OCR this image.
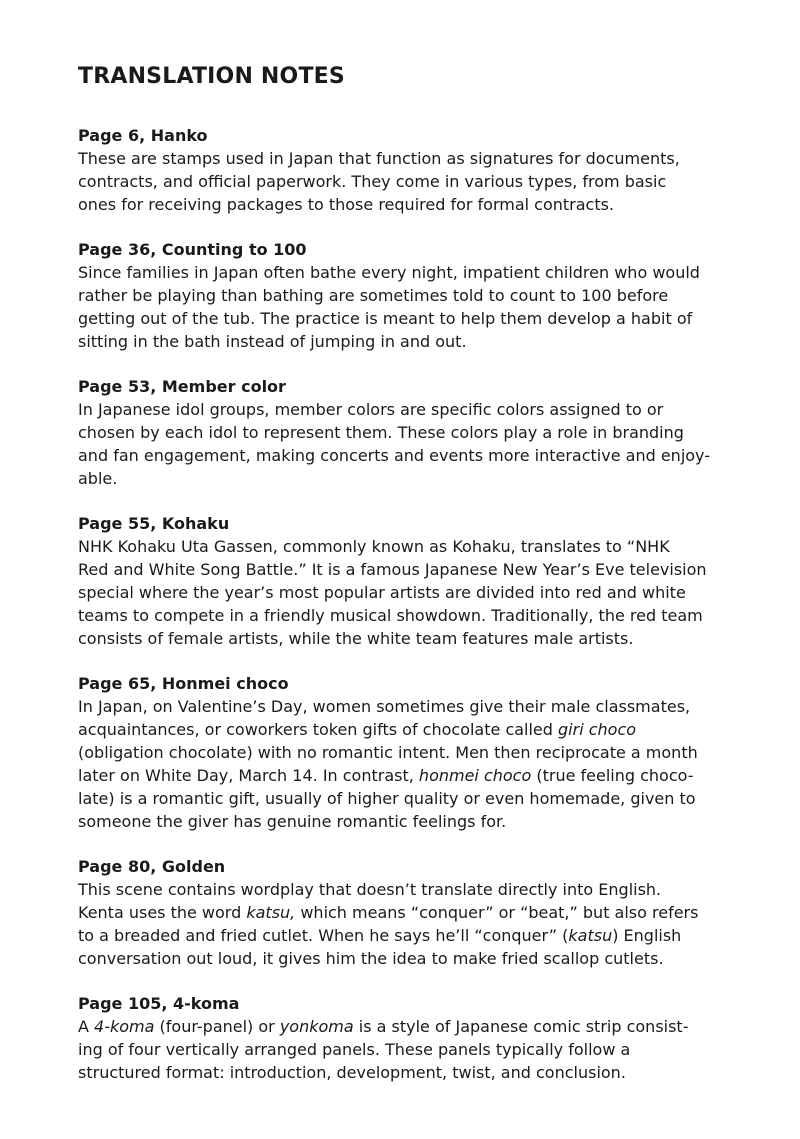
TRANSLATION NOTES

Page 6, Hanko

These are stamps used in Japan that function as signatures for documents,
contracts, and official paperwork. They come in various types, from basic
ones for receiving packages to those required for formal contracts.

Page 36, Counting to 100

Since families in Japan often bathe every night, impatient children who would
rather be playing than bathing are sometimes told to count to 100 before
getting out of the tub. The practice is meant to help them develop a habit of
sitting in the bath instead of jumping in and out.

Page 53, Member color

In Japanese idol groups, member colors are specific colors assigned to or
chosen by each idol to represent them. These colors play a role in branding
and fan engagement, making concerts and events more interactive and enjoy-
able.

Page 55, Kohaku

NHK Kohaku Uta Gassen, commonly known as Kohaku, translates to “NHK
Red and White Song Battle.” It is a famous Japanese New Year’s Eve television
special where the year’s most popular artists are divided into red and white
teams to compete in a friendly musical showdown. Traditionally, the red team
consists of female artists, while the white team features male artists.

Page 65, Honmei choco

In Japan, on Valentine’s Day, women sometimes give their male classmates,
acquaintances, or coworkers token gifts of chocolate called giri choco
(obligation chocolate) with no romantic intent. Men then reciprocate a month
later on White Day, March 14. In contrast, honmei choco (true feeling choco-
late) is a romantic gift, usually of higher quality or even homemade, given to
someone the giver has genuine romantic feelings for.

Page 80, Golden

This scene contains wordplay that doesn’t translate directly into English.
Kenta uses the word katsu, which means “conquer” or “beat,” but also refers
to a breaded and fried cutlet. When he says he’ll “conquer” (katsu) English
conversation out loud, it gives him the idea to make fried scallop cutlets.

Page 105, 4-koma

A 4-koma (four-panel) or yonkoma is a style of Japanese comic strip consist-
ing of four vertically arranged panels. These panels typically follow a
structured format: introduction, development, twist, and conclusion.
